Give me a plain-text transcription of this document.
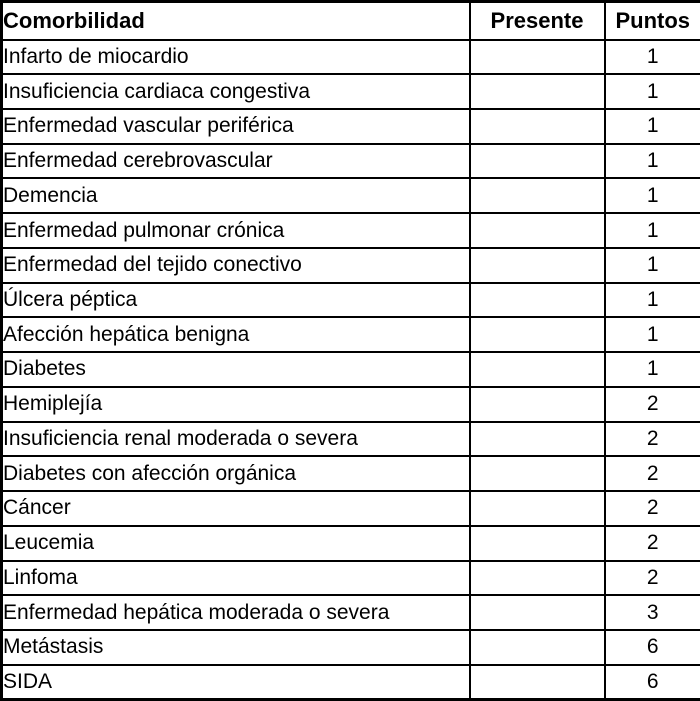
Comorbilidad	Presente	Puntos
Infarto de miocardio		1
Insuficiencia cardiaca congestiva		1
Enfermedad vascular periférica		1
Enfermedad cerebrovascular		1
Demencia		1
Enfermedad pulmonar crónica		1
Enfermedad del tejido conectivo		1
Úlcera péptica		1
Afección hepática benigna		1
Diabetes		1
Hemiplejía		2
Insuficiencia renal moderada o severa		2
Diabetes con afección orgánica		2
Cáncer		2
Leucemia		2
Linfoma		2
Enfermedad hepática moderada o severa		3
Metástasis		6
SIDA		6
